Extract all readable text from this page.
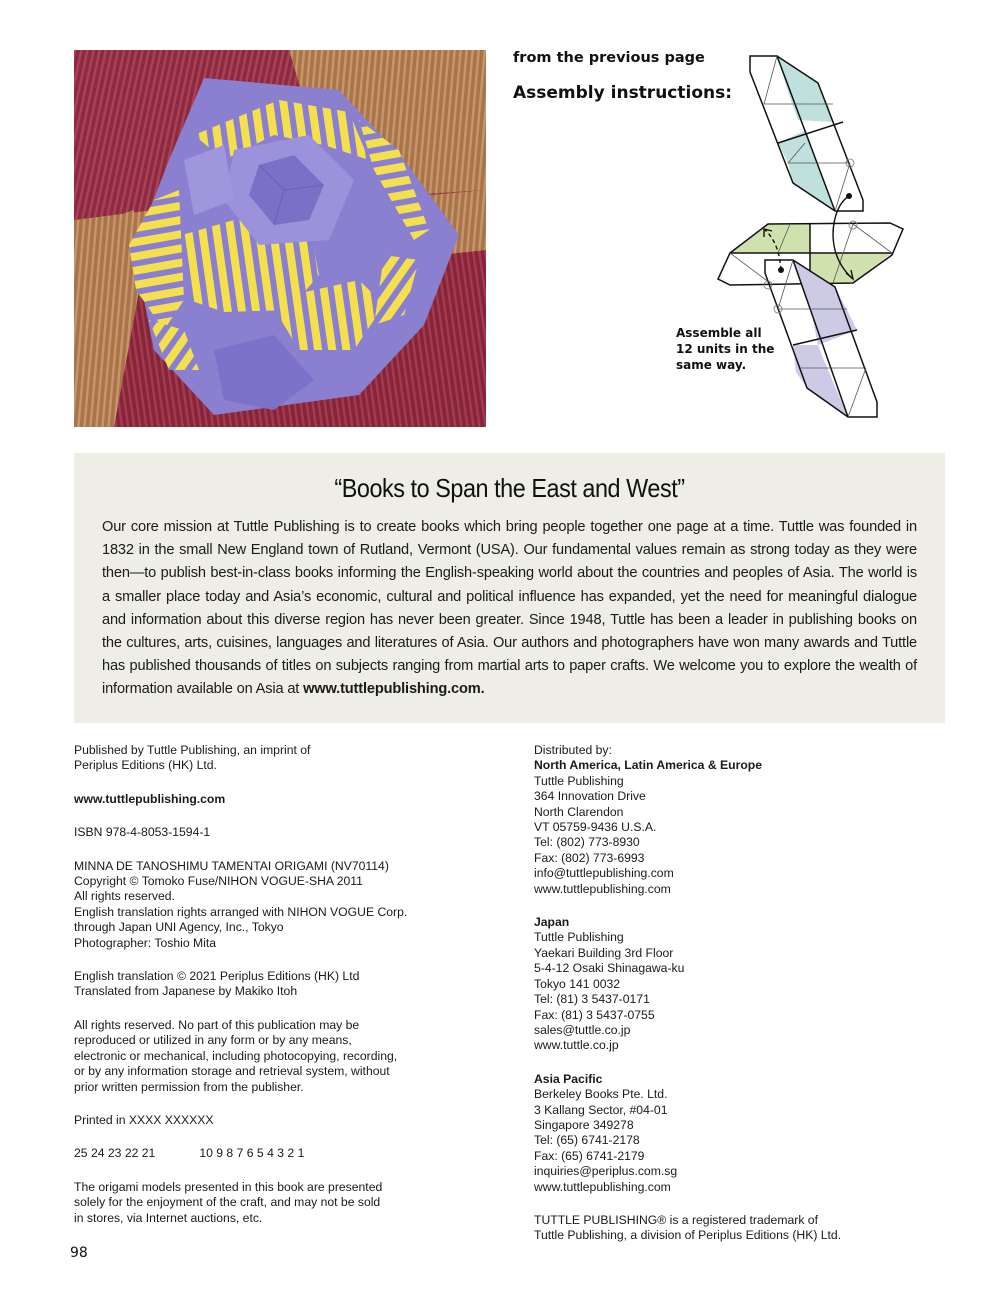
from the previous page
Assembly instructions:
Assemble all
12 units in the
same way.
“Books to Span the East and West”

Our core mission at Tuttle Publishing is to create books which bring people together one page at a time. Tuttle was founded in 1832 in the small New England town of Rutland, Vermont (USA). Our fundamental values remain as strong today as they were then—to publish best-in-class books informing the English-speaking world about the countries and peoples of Asia. The world is a smaller place today and Asia’s economic, cultural and political influence has expanded, yet the need for meaningful dialogue and information about this diverse region has never been greater. Since 1948, Tuttle has been a leader in publishing books on the cultures, arts, cuisines, languages and literatures of Asia. Our authors and photographers have won many awards and Tuttle has published thousands of titles on subjects ranging from martial arts to paper crafts. We welcome you to explore the wealth of information available on Asia at www.tuttlepublishing.com.

Published by Tuttle Publishing, an imprint of
Periplus Editions (HK) Ltd.
www.tuttlepublishing.com
ISBN 978-4-8053-1594-1
MINNA DE TANOSHIMU TAMENTAI ORIGAMI (NV70114)
Copyright © Tomoko Fuse/NIHON VOGUE-SHA 2011
All rights reserved.
English translation rights arranged with NIHON VOGUE Corp.
through Japan UNI Agency, Inc., Tokyo
Photographer: Toshio Mita
English translation © 2021 Periplus Editions (HK) Ltd
Translated from Japanese by Makiko Itoh
All rights reserved. No part of this publication may be
reproduced or utilized in any form or by any means,
electronic or mechanical, including photocopying, recording,
or by any information storage and retrieval system, without
prior written permission from the publisher.
Printed in XXXX XXXXXX
25 24 23 22 21	10 9 8 7 6 5 4 3 2 1
The origami models presented in this book are presented
solely for the enjoyment of the craft, and may not be sold
in stores, via Internet auctions, etc.
Distributed by:
North America, Latin America & Europe
Tuttle Publishing
364 Innovation Drive
North Clarendon
VT 05759-9436 U.S.A.
Tel: (802) 773-8930
Fax: (802) 773-6993
info@tuttlepublishing.com
www.tuttlepublishing.com
Japan
Tuttle Publishing
Yaekari Building 3rd Floor
5-4-12 Osaki Shinagawa-ku
Tokyo 141 0032
Tel: (81) 3 5437-0171
Fax: (81) 3 5437-0755
sales@tuttle.co.jp
www.tuttle.co.jp
Asia Pacific
Berkeley Books Pte. Ltd.
3 Kallang Sector, #04-01
Singapore 349278
Tel: (65) 6741-2178
Fax: (65) 6741-2179
inquiries@periplus.com.sg
www.tuttlepublishing.com
TUTTLE PUBLISHING® is a registered trademark of
Tuttle Publishing, a division of Periplus Editions (HK) Ltd.
98
